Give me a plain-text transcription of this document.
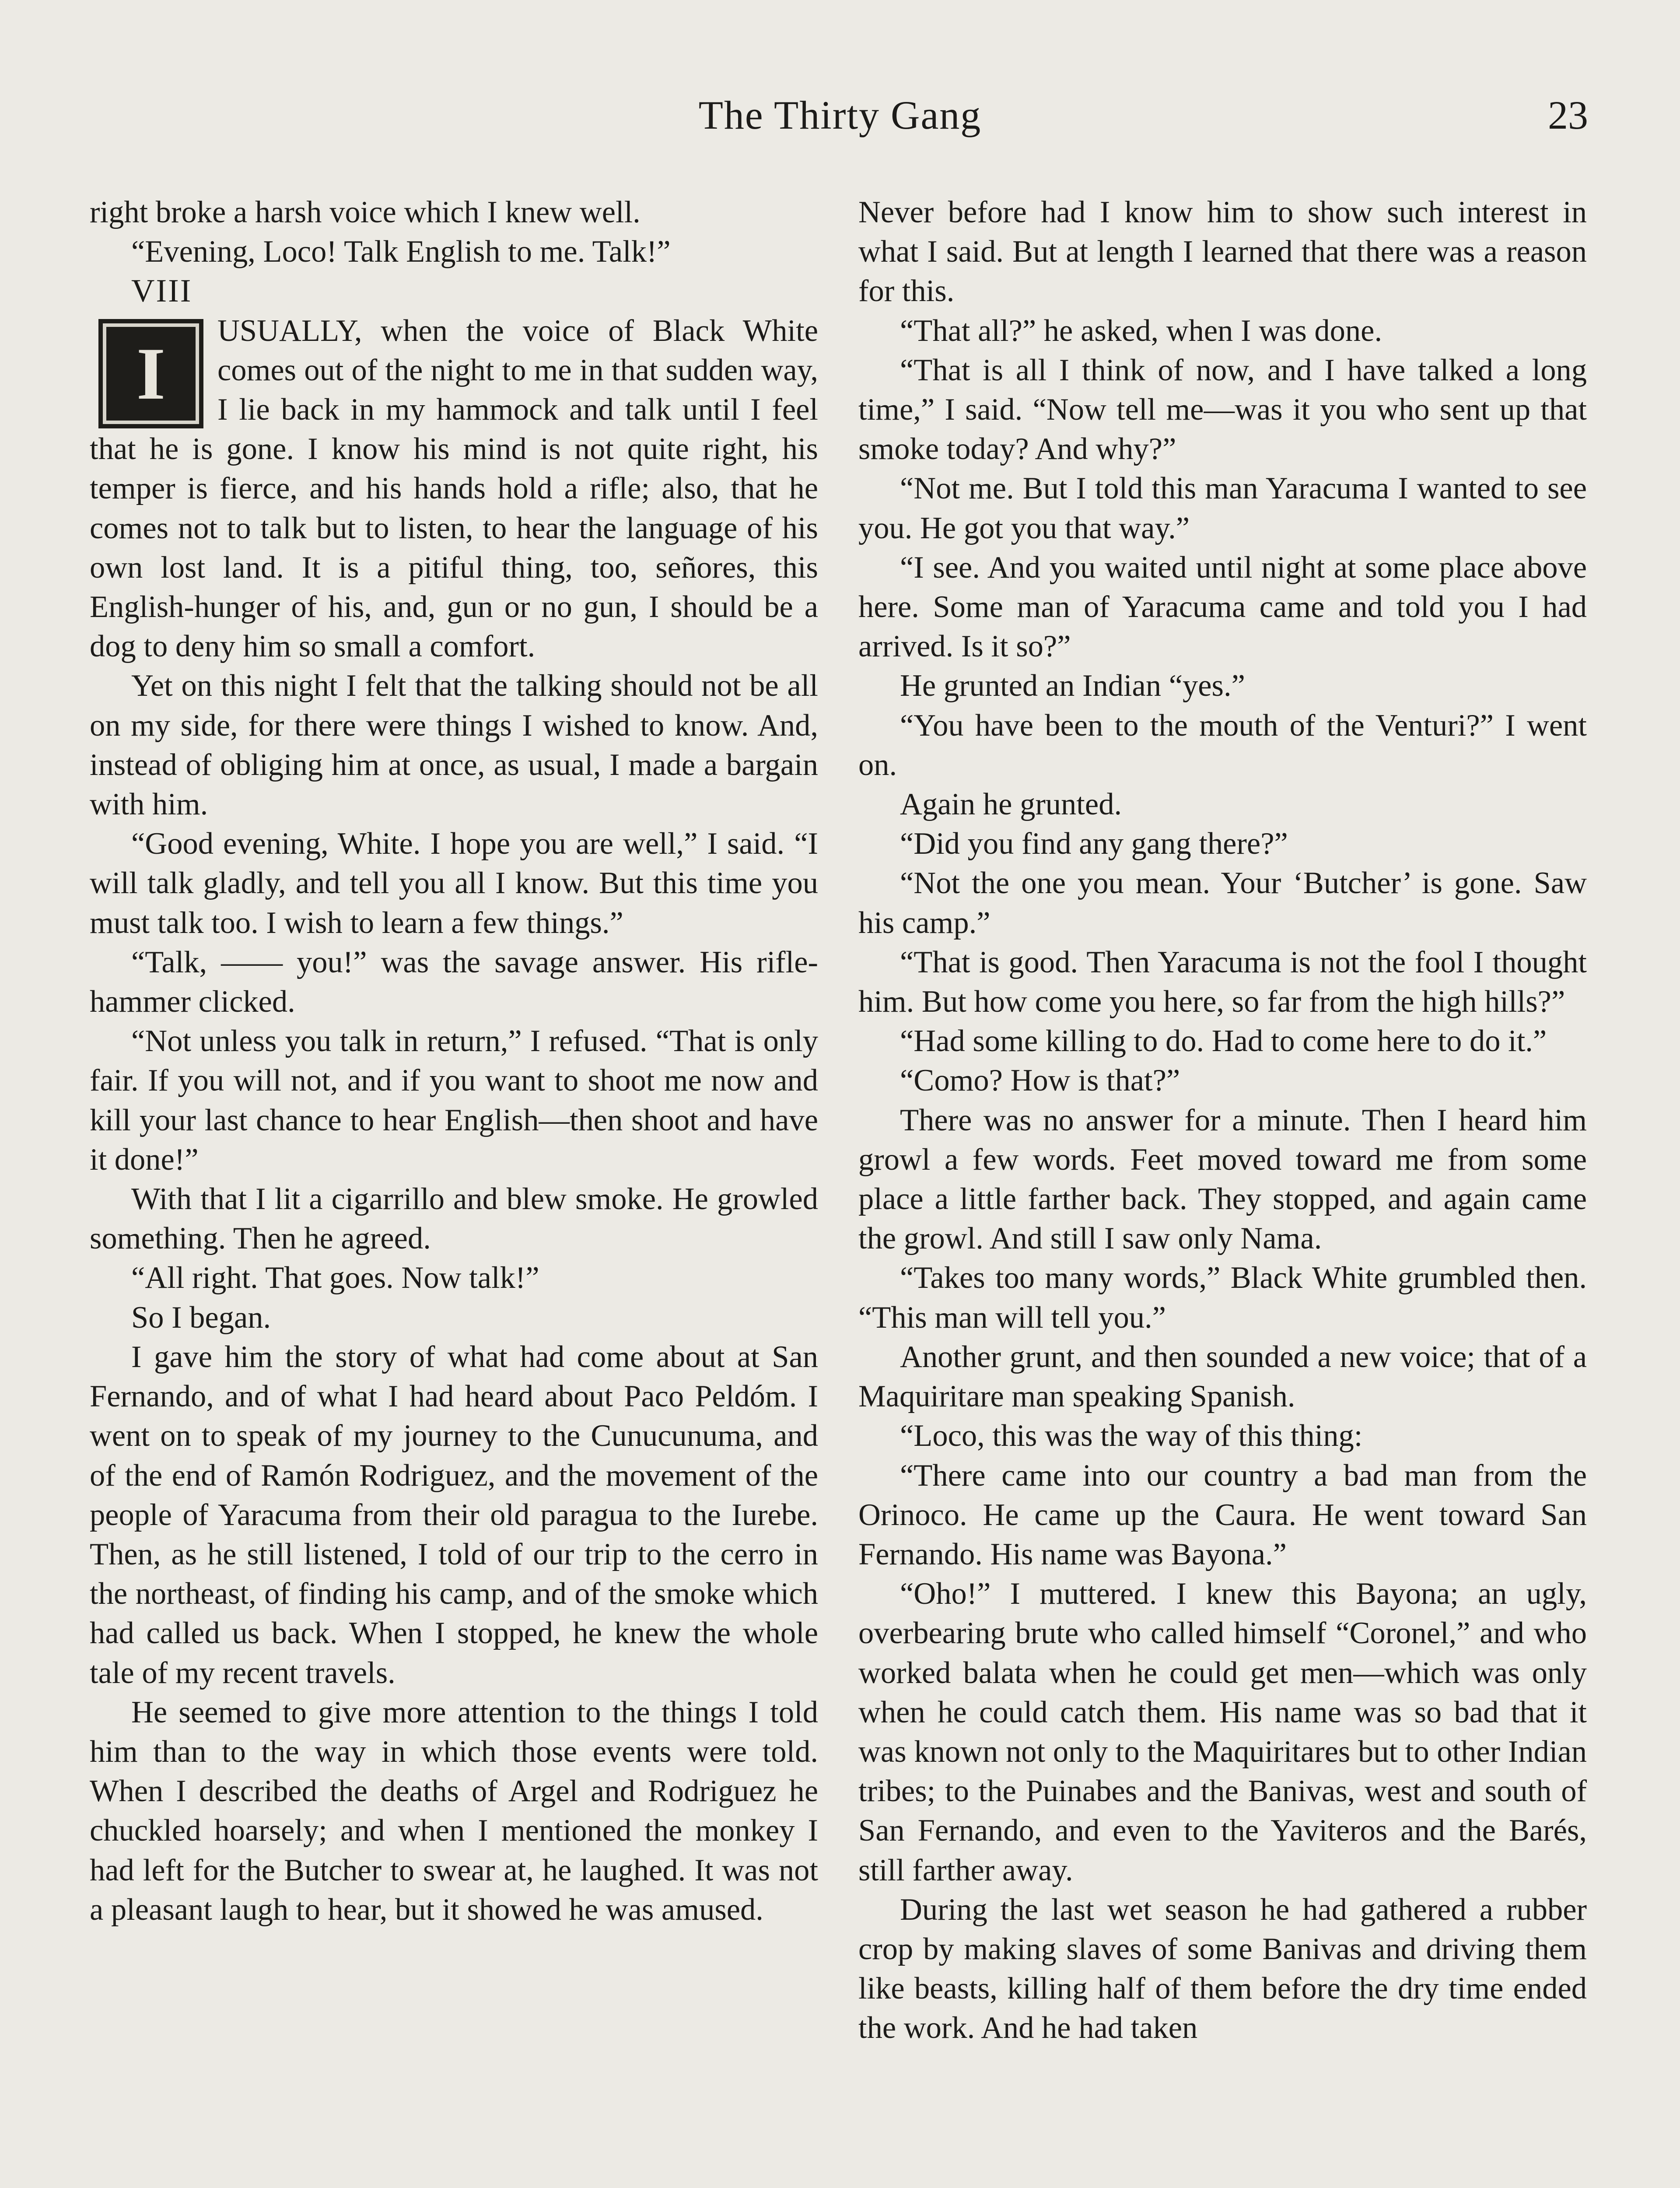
The Thirty Gang	23

right broke a harsh voice which I knew well.

“Evening, Loco! Talk English to me. Talk!”

VIII

I
USUALLY, when the voice of Black White comes out of the night to me in that sudden way, I lie back in my hammock and talk until I feel that he is gone. I know his mind is not quite right, his temper is fierce, and his hands hold a rifle; also, that he comes not to talk but to listen, to hear the language of his own lost land. It is a pitiful thing, too, señores, this English-hunger of his, and, gun or no gun, I should be a dog to deny him so small a comfort.

Yet on this night I felt that the talking should not be all on my side, for there were things I wished to know. And, instead of obliging him at once, as usual, I made a bargain with him.

“Good evening, White. I hope you are well,” I said. “I will talk gladly, and tell you all I know. But this time you must talk too. I wish to learn a few things.”

“Talk, —— you!” was the savage answer. His rifle-hammer clicked.

“Not unless you talk in return,” I refused. “That is only fair. If you will not, and if you want to shoot me now and kill your last chance to hear English—then shoot and have it done!”

With that I lit a cigarrillo and blew smoke. He growled something. Then he agreed.

“All right. That goes. Now talk!”

So I began.

I gave him the story of what had come about at San Fernando, and of what I had heard about Paco Peldóm. I went on to speak of my journey to the Cunucunuma, and of the end of Ramón Rodriguez, and the movement of the people of Yaracuma from their old paragua to the Iurebe. Then, as he still listened, I told of our trip to the cerro in the northeast, of finding his camp, and of the smoke which had called us back. When I stopped, he knew the whole tale of my recent travels.

He seemed to give more attention to the things I told him than to the way in which those events were told. When I described the deaths of Argel and Rodriguez he chuckled hoarsely; and when I mentioned the monkey I had left for the Butcher to swear at, he laughed. It was not a pleasant laugh to hear, but it showed he was amused.

Never before had I know him to show such interest in what I said. But at length I learned that there was a reason for this.

“That all?” he asked, when I was done.

“That is all I think of now, and I have talked a long time,” I said. “Now tell me—was it you who sent up that smoke today? And why?”

“Not me. But I told this man Yaracuma I wanted to see you. He got you that way.”

“I see. And you waited until night at some place above here. Some man of Yaracuma came and told you I had arrived. Is it so?”

He grunted an Indian “yes.”

“You have been to the mouth of the Venturi?” I went on.

Again he grunted.

“Did you find any gang there?”

“Not the one you mean. Your ‘Butcher’ is gone. Saw his camp.”

“That is good. Then Yaracuma is not the fool I thought him. But how come you here, so far from the high hills?”

“Had some killing to do. Had to come here to do it.”

“Como? How is that?”

There was no answer for a minute. Then I heard him growl a few words. Feet moved toward me from some place a little farther back. They stopped, and again came the growl. And still I saw only Nama.

“Takes too many words,” Black White grumbled then. “This man will tell you.”

Another grunt, and then sounded a new voice; that of a Maquiritare man speaking Spanish.

“Loco, this was the way of this thing:

“There came into our country a bad man from the Orinoco. He came up the Caura. He went toward San Fernando. His name was Bayona.”

“Oho!” I muttered. I knew this Bayona; an ugly, overbearing brute who called himself “Coronel,” and who worked balata when he could get men—which was only when he could catch them. His name was so bad that it was known not only to the Maquiritares but to other Indian tribes; to the Puinabes and the Banivas, west and south of San Fernando, and even to the Yaviteros and the Barés, still farther away.

During the last wet season he had gathered a rubber crop by making slaves of some Banivas and driving them like beasts, killing half of them before the dry time ended the work. And he had taken
